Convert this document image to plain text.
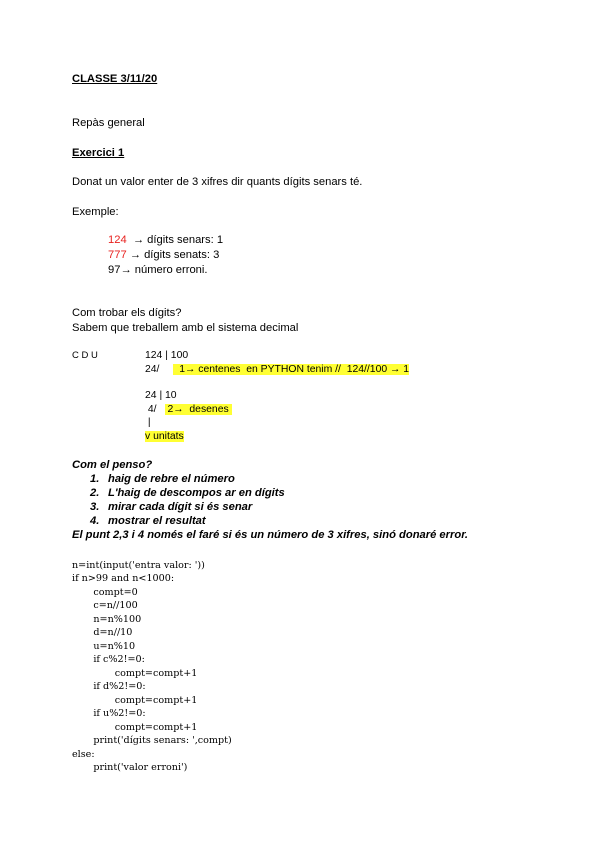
CLASSE 3/11/20
Repàs general
Exercici 1
Donat un valor enter de 3 xifres dir quants dígits senars té.
Exemple:
124  → dígits senars: 1
777 → dígits senats: 3
97→ número erroni.
Com trobar els dígits?
Sabem que treballem amb el sistema decimal
C D U	124 | 100
24/  1→ centenes  en PYTHON tenim //  124//100 → 1
24 | 10
4/ 2→  desenes
|
v unitats
Com el penso?
1. haig de rebre el número
2. L'haig de descompos ar en dígits
3. mirar cada dígit si és senar
4. mostrar el resultat
El punt 2,3 i 4 només el faré si és un número de 3 xifres, sinó donaré error.
n=int(input('entra valor: '))
if n>99 and n<1000:
compt=0
c=n//100
n=n%100
d=n//10
u=n%10
if c%2!=0:
compt=compt+1
if d%2!=0:
compt=compt+1
if u%2!=0:
compt=compt+1
print('dígits senars: ',compt)
else:
print('valor erroni')
